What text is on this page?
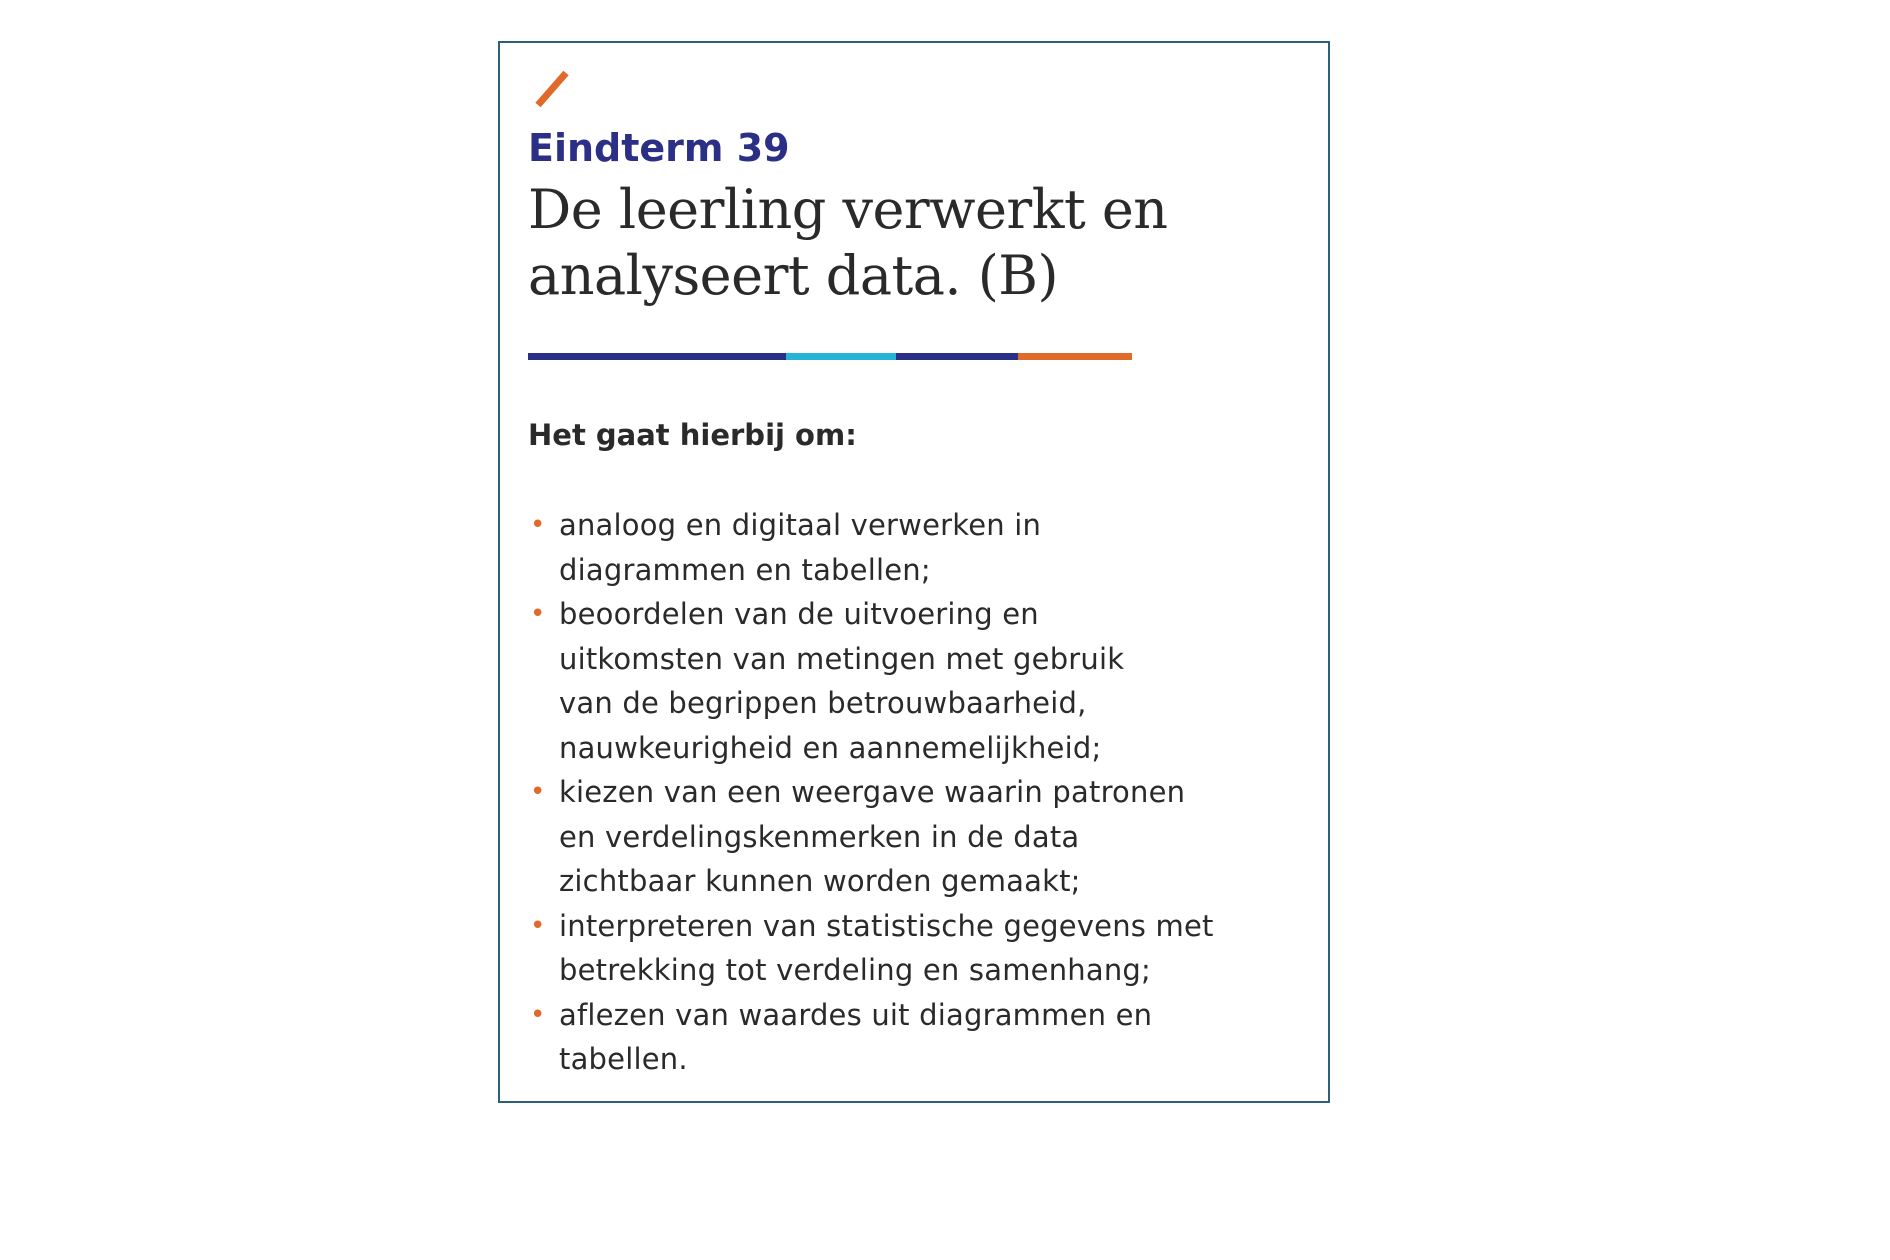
Eindterm 39
De leerling verwerkt en
analyseert data. (B)

Het gaat hierbij om:

• analoog en digitaal verwerken in
diagrammen en tabellen;
• beoordelen van de uitvoering en
uitkomsten van metingen met gebruik
van de begrippen betrouwbaarheid,
nauwkeurigheid en aannemelijkheid;
• kiezen van een weergave waarin patronen
en verdelingskenmerken in de data
zichtbaar kunnen worden gemaakt;
• interpreteren van statistische gegevens met
betrekking tot verdeling en samenhang;
• aflezen van waardes uit diagrammen en
tabellen.
